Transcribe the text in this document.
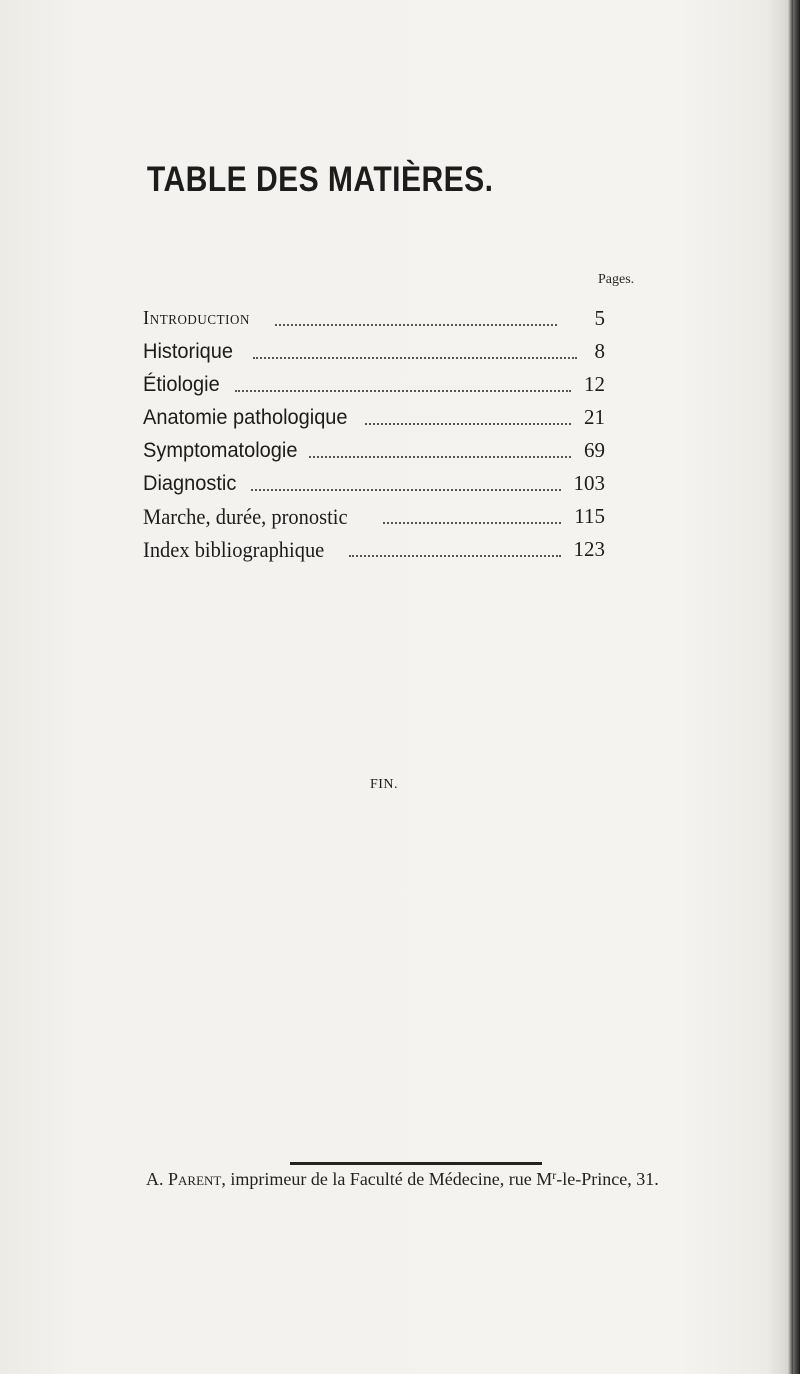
TABLE DES MATIÈRES.
Pages.
Introduction	5
Historique	8
Étiologie	12
Anatomie pathologique	21
Symptomatologie	69
Diagnostic	103
Marche, durée, pronostic	115
Index bibliographique	123
FIN.
A. Parent, imprimeur de la Faculté de Médecine, rue $M^r-le$-Prince, 31.
